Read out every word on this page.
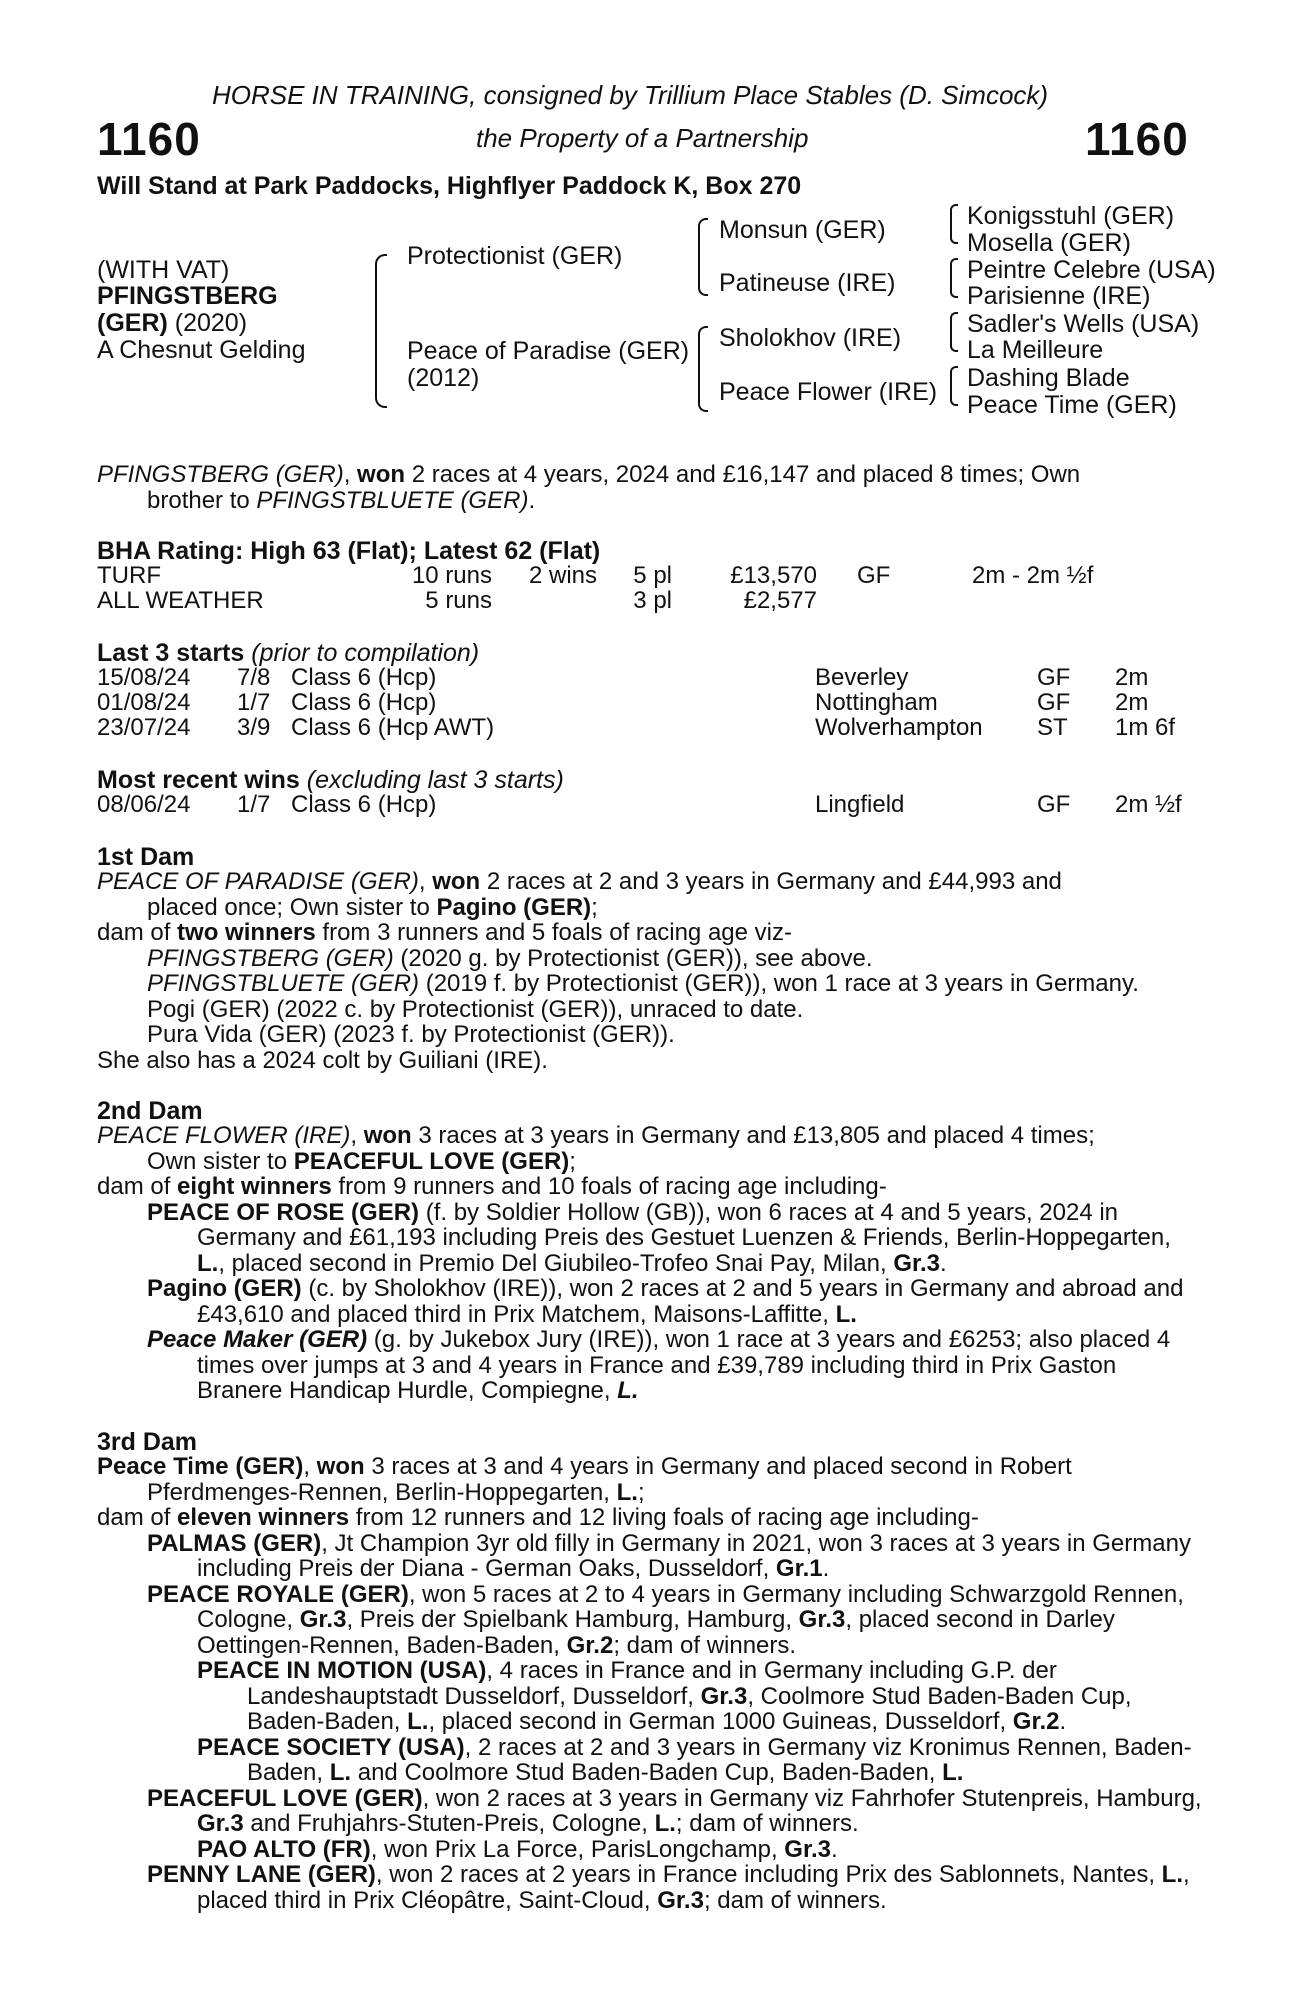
HORSE IN TRAINING, consigned by Trillium Place Stables (D. Simcock)
1160	the Property of a Partnership	1160
Will Stand at Park Paddocks, Highflyer Paddock K, Box 270
(WITH VAT)
PFINGSTBERG
(GER) (2020)
A Chesnut Gelding
Protectionist (GER)
Peace of Paradise (GER)
(2012)
Monsun (GER)
Patineuse (IRE)
Sholokhov (IRE)
Peace Flower (IRE)
Konigsstuhl (GER)
Mosella (GER)
Peintre Celebre (USA)
Parisienne (IRE)
Sadler's Wells (USA)
La Meilleure
Dashing Blade
Peace Time (GER)

PFINGSTBERG (GER), won 2 races at 4 years, 2024 and £16,147 and placed 8 times; Own

brother to PFINGSTBLUETE (GER).

BHA Rating: High 63 (Flat); Latest 62 (Flat)
TURF	10 runs	2 wins	5 pl	£13,570		GF	2m - 2m ½f
ALL WEATHER	5 runs		3 pl	£2,577			
Last 3 starts (prior to compilation)
15/08/24	7/8	Class 6 (Hcp)	Beverley	GF	2m
01/08/24	1/7	Class 6 (Hcp)	Nottingham	GF	2m
23/07/24	3/9	Class 6 (Hcp AWT)	Wolverhampton	ST	1m 6f
Most recent wins (excluding last 3 starts)
08/06/24	1/7	Class 6 (Hcp)	Lingfield	GF	2m ½f
1st Dam

PEACE OF PARADISE (GER), won 2 races at 2 and 3 years in Germany and £44,993 and

placed once; Own sister to Pagino (GER);

dam of two winners from 3 runners and 5 foals of racing age viz-

PFINGSTBERG (GER) (2020 g. by Protectionist (GER)), see above.

PFINGSTBLUETE (GER) (2019 f. by Protectionist (GER)), won 1 race at 3 years in Germany.

Pogi (GER) (2022 c. by Protectionist (GER)), unraced to date.

Pura Vida (GER) (2023 f. by Protectionist (GER)).

She also has a 2024 colt by Guiliani (IRE).

2nd Dam

PEACE FLOWER (IRE), won 3 races at 3 years in Germany and £13,805 and placed 4 times;

Own sister to PEACEFUL LOVE (GER);

dam of eight winners from 9 runners and 10 foals of racing age including-

PEACE OF ROSE (GER) (f. by Soldier Hollow (GB)), won 6 races at 4 and 5 years, 2024 in Germany and £61,193 including Preis des Gestuet Luenzen & Friends, Berlin-Hoppegarten, L., placed second in Premio Del Giubileo-Trofeo Snai Pay, Milan, Gr.3.

Pagino (GER) (c. by Sholokhov (IRE)), won 2 races at 2 and 5 years in Germany and abroad and £43,610 and placed third in Prix Matchem, Maisons-Laffitte, L.

Peace Maker (GER) (g. by Jukebox Jury (IRE)), won 1 race at 3 years and £6253; also placed 4 times over jumps at 3 and 4 years in France and £39,789 including third in Prix Gaston Branere Handicap Hurdle, Compiegne, L.

3rd Dam

Peace Time (GER), won 3 races at 3 and 4 years in Germany and placed second in Robert Pferdmenges-Rennen, Berlin-Hoppegarten, L.;

dam of eleven winners from 12 runners and 12 living foals of racing age including-

PALMAS (GER), Jt Champion 3yr old filly in Germany in 2021, won 3 races at 3 years in Germany including Preis der Diana - German Oaks, Dusseldorf, Gr.1.

PEACE ROYALE (GER), won 5 races at 2 to 4 years in Germany including Schwarzgold Rennen, Cologne, Gr.3, Preis der Spielbank Hamburg, Hamburg, Gr.3, placed second in Darley Oettingen-Rennen, Baden-Baden, Gr.2; dam of winners.

PEACE IN MOTION (USA), 4 races in France and in Germany including G.P. der Landeshauptstadt Dusseldorf, Dusseldorf, Gr.3, Coolmore Stud Baden-Baden Cup, Baden-Baden, L., placed second in German 1000 Guineas, Dusseldorf, Gr.2.

PEACE SOCIETY (USA), 2 races at 2 and 3 years in Germany viz Kronimus Rennen, Baden-Baden, L. and Coolmore Stud Baden-Baden Cup, Baden-Baden, L.

PEACEFUL LOVE (GER), won 2 races at 3 years in Germany viz Fahrhofer Stutenpreis, Hamburg, Gr.3 and Fruhjahrs-Stuten-Preis, Cologne, L.; dam of winners.

PAO ALTO (FR), won Prix La Force, ParisLongchamp, Gr.3.

PENNY LANE (GER), won 2 races at 2 years in France including Prix des Sablonnets, Nantes, L., placed third in Prix Cléopâtre, Saint-Cloud, Gr.3; dam of winners.
